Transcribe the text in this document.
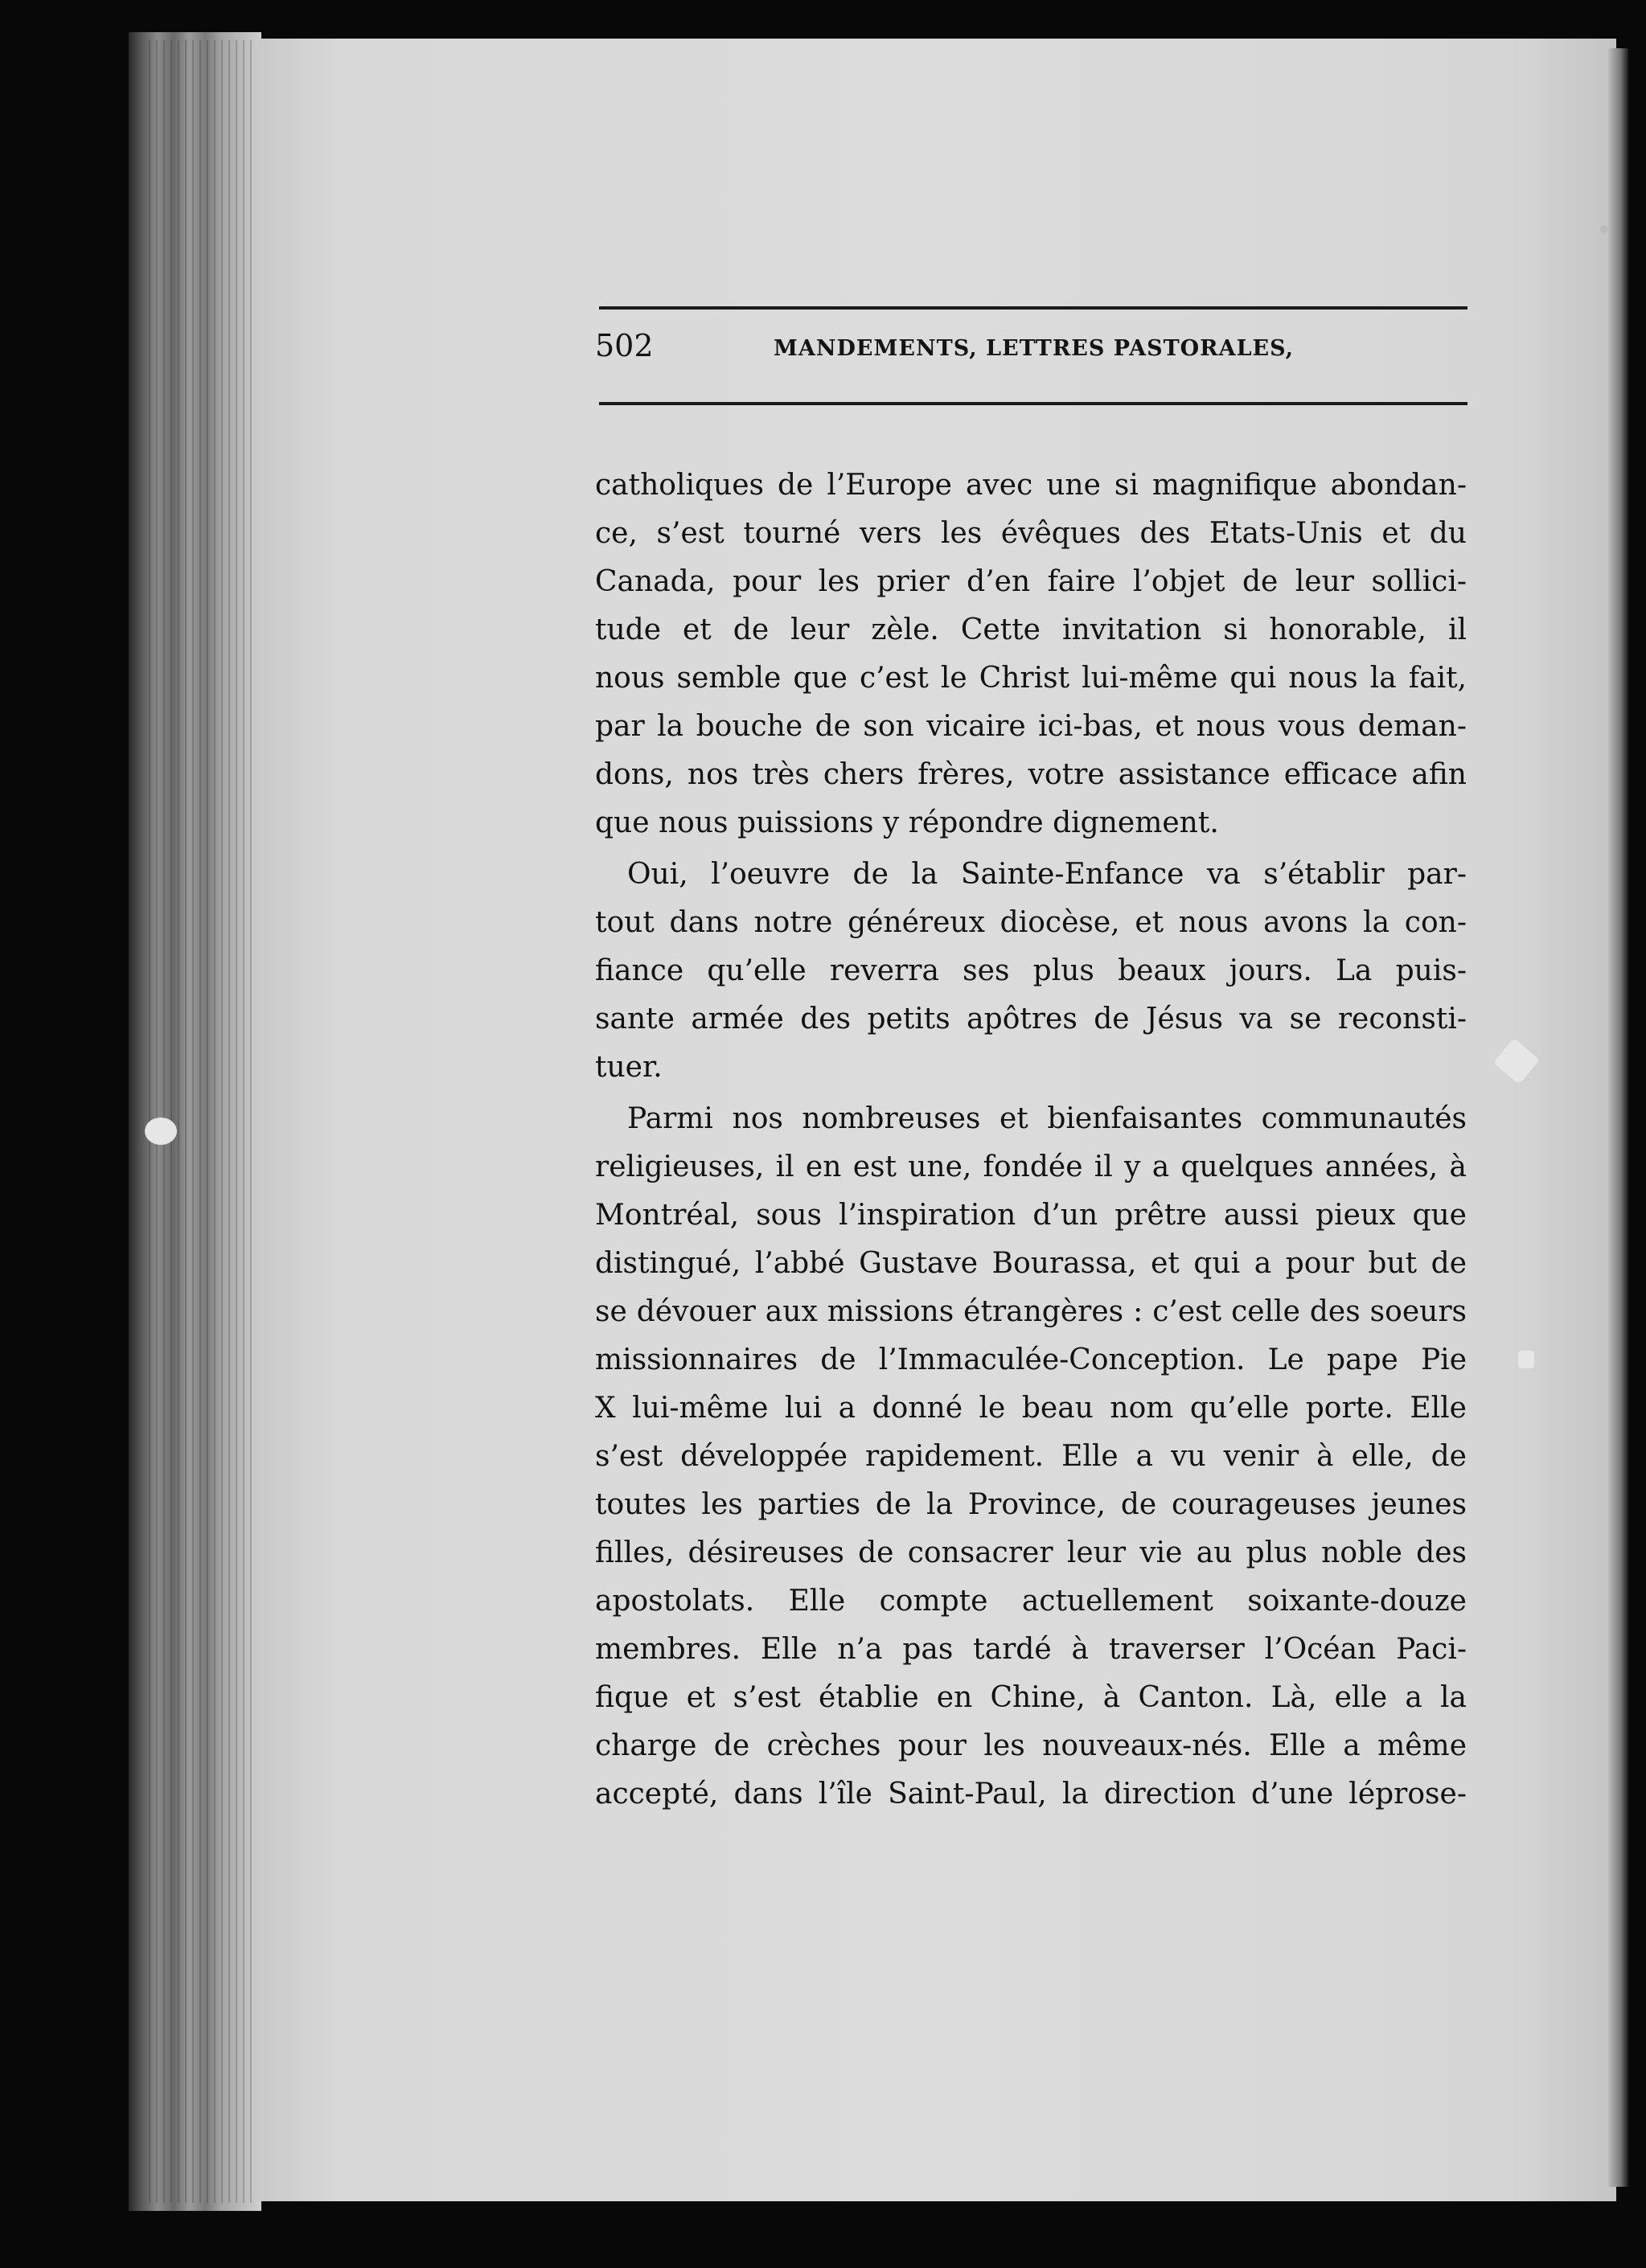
502	MANDEMENTS, LETTRES PASTORALES,
catholiques de l’Europe avec une si magnifique abondan-
ce, s’est tourné vers les évêques des Etats-Unis et du
Canada, pour les prier d’en faire l’objet de leur sollici-
tude et de leur zèle. Cette invitation si honorable, il
nous semble que c’est le Christ lui-même qui nous la fait,
par la bouche de son vicaire ici-bas, et nous vous deman-
dons, nos très chers frères, votre assistance efficace afin
que nous puissions y répondre dignement.
Oui, l’oeuvre de la Sainte-Enfance va s’établir par-
tout dans notre généreux diocèse, et nous avons la con-
fiance qu’elle reverra ses plus beaux jours. La puis-
sante armée des petits apôtres de Jésus va se reconsti-
tuer.
Parmi nos nombreuses et bienfaisantes communautés
religieuses, il en est une, fondée il y a quelques années, à
Montréal, sous l’inspiration d’un prêtre aussi pieux que
distingué, l’abbé Gustave Bourassa, et qui a pour but de
se dévouer aux missions étrangères : c’est celle des soeurs
missionnaires de l’Immaculée-Conception. Le pape Pie
X lui-même lui a donné le beau nom qu’elle porte. Elle
s’est développée rapidement. Elle a vu venir à elle, de
toutes les parties de la Province, de courageuses jeunes
filles, désireuses de consacrer leur vie au plus noble des
apostolats. Elle compte actuellement soixante-douze
membres. Elle n’a pas tardé à traverser l’Océan Paci-
fique et s’est établie en Chine, à Canton. Là, elle a la
charge de crèches pour les nouveaux-nés. Elle a même
accepté, dans l’île Saint-Paul, la direction d’une léprose-
